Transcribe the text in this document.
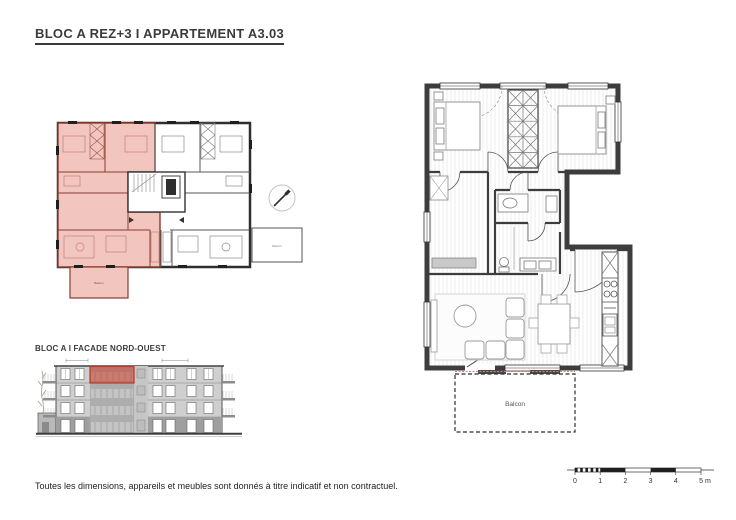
BLOC A REZ+3 I APPARTEMENT A3.03
Balcon
Balcon
BLOC A I FACADE NORD-OUEST
Balcon
0	1	2	3	4	5 m
Toutes les dimensions, appareils et meubles sont donnés à titre indicatif et non contractuel.
